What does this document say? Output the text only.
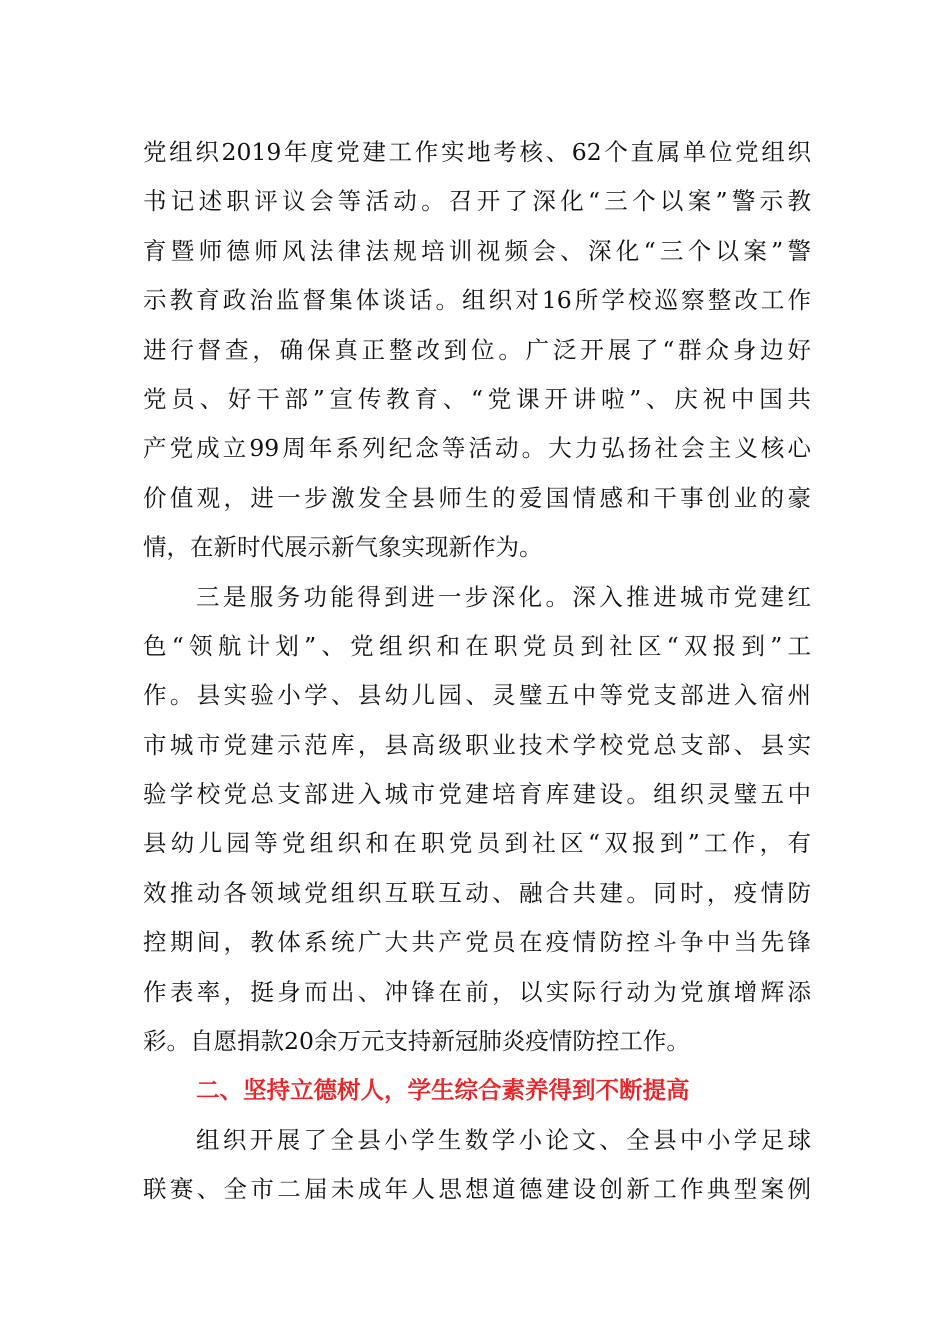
党组织2019年度党建工作实地考核、62个直属单位党组织
书记述职评议会等活动。召开了深化“三个以案”警示教
育暨师德师风法律法规培训视频会、深化“三个以案”警
示教育政治监督集体谈话。组织对16所学校巡察整改工作
进行督查，确保真正整改到位。广泛开展了“群众身边好
党员、好干部”宣传教育、“党课开讲啦”、庆祝中国共
产党成立99周年系列纪念等活动。大力弘扬社会主义核心
价值观，进一步激发全县师生的爱国情感和干事创业的豪
情，在新时代展示新气象实现新作为。
三是服务功能得到进一步深化。深入推进城市党建红
色“领航计划”、党组织和在职党员到社区“双报到”工
作。县实验小学、县幼儿园、灵璧五中等党支部进入宿州
市城市党建示范库，县高级职业技术学校党总支部、县实
验学校党总支部进入城市党建培育库建设。组织灵璧五中
县幼儿园等党组织和在职党员到社区“双报到”工作，有
效推动各领域党组织互联互动、融合共建。同时，疫情防
控期间，教体系统广大共产党员在疫情防控斗争中当先锋
作表率，挺身而出、冲锋在前，以实际行动为党旗增辉添
彩。自愿捐款20余万元支持新冠肺炎疫情防控工作。
二、坚持立德树人，学生综合素养得到不断提高
组织开展了全县小学生数学小论文、全县中小学足球
联赛、全市二届未成年人思想道德建设创新工作典型案例
